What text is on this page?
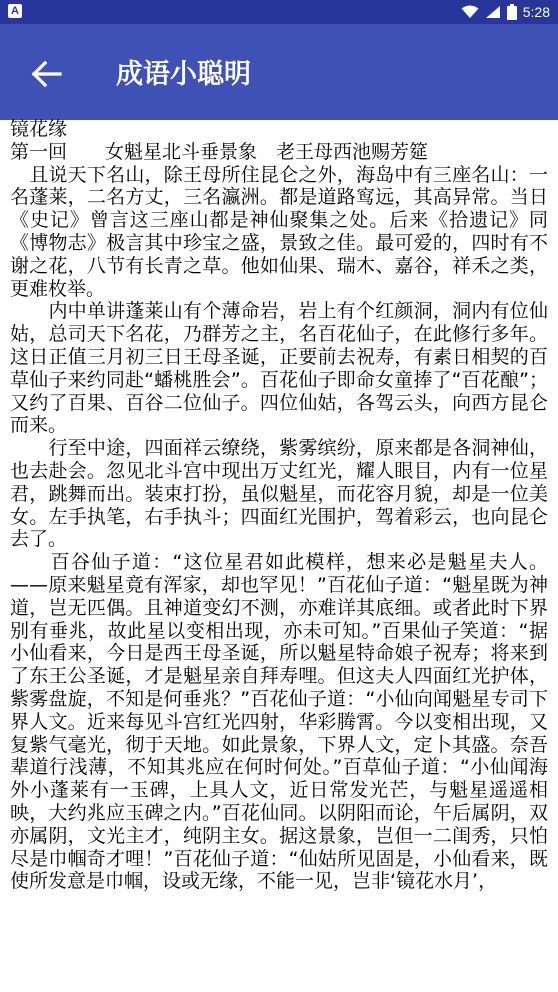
A	5:28
成语小聪明

镜花缘

第一回　　女魁星北斗垂景象　老王母西池赐芳筵

　且说天下名山，除王母所住昆仑之外，海岛中有三座名山：一名蓬莱，二名方丈，三名瀛洲。都是道路窎远，其高异常。当日《史记》曾言这三座山都是神仙聚集之处。后来《拾遗记》同《博物志》极言其中珍宝之盛，景致之佳。最可爱的，四时有不谢之花，八节有长青之草。他如仙果、瑞木、嘉谷，祥禾之类，更难枚举。

　　内中单讲蓬莱山有个薄命岩，岩上有个红颜洞，洞内有位仙姑，总司天下名花，乃群芳之主，名百花仙子，在此修行多年。这日正值三月初三日王母圣诞，正要前去祝寿，有素日相契的百草仙子来约同赴“蟠桃胜会”。百花仙子即命女童捧了“百花酿”；又约了百果、百谷二位仙子。四位仙姑，各驾云头，向西方昆仑而来。

　　行至中途，四面祥云缭绕，紫雾缤纷，原来都是各洞神仙，也去赴会。忽见北斗宫中现出万丈红光，耀人眼目，内有一位星君，跳舞而出。装束打扮，虽似魁星，而花容月貌，却是一位美女。左手执笔，右手执斗；四面红光围护，驾着彩云，也向昆仑去了。

　　百谷仙子道：“这位星君如此模样，想来必是魁星夫人。——原来魁星竟有浑家，却也罕见！”百花仙子道：“魁星既为神道，岂无匹偶。且神道变幻不测，亦难详其底细。或者此时下界别有垂兆，故此星以变相出现，亦未可知。”百果仙子笑道：“据小仙看来，今日是西王母圣诞，所以魁星特命娘子祝寿；将来到了东王公圣诞，才是魁星亲自拜寿哩。但这夫人四面红光护体，紫雾盘旋，不知是何垂兆？”百花仙子道：“小仙向闻魁星专司下界人文。近来每见斗宫红光四射，华彩腾霄。今以变相出现，又复紫气毫光，彻于天地。如此景象，下界人文，定卜其盛。奈吾辈道行浅薄，不知其兆应在何时何处。”百草仙子道：“小仙闻海外小蓬莱有一玉碑，上具人文，近日常发光芒，与魁星遥遥相映，大约兆应玉碑之内。”百花仙同。以阴阳而论，午后属阴，双亦属阴，文光主才，纯阴主女。据这景象，岂但一二闺秀，只怕尽是巾帼奇才哩！”百花仙子道：“仙姑所见固是，小仙看来，既使所发意是巾帼，设或无缘，不能一见，岂非‘镜花水月’，
